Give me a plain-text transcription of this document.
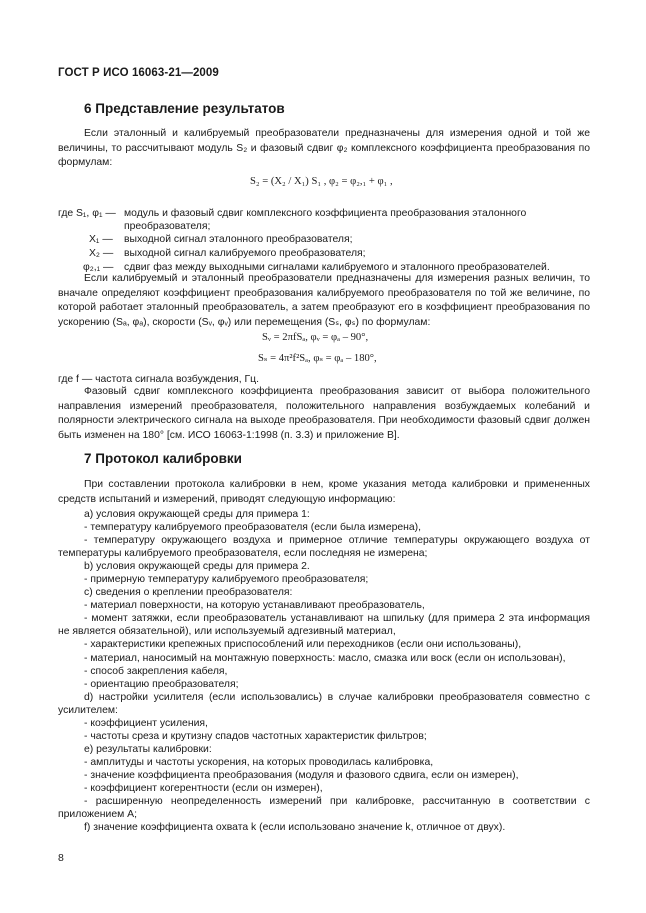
ГОСТ Р ИСО 16063-21—2009
6 Представление результатов
Если эталонный и калибруемый преобразователи предназначены для измерения одной и той же величины, то рассчитывают модуль S₂ и фазовый сдвиг φ₂ комплексного коэффициента преобразования по формулам:
S₂ = (X₂ / X₁) S₁ , φ₂ = φ₂,₁ + φ₁ ,
где S₁, φ₁ — модуль и фазовый сдвиг комплексного коэффициента преобразования эталонного преобразователя;
X₁ — выходной сигнал эталонного преобразователя;
X₂ — выходной сигнал калибруемого преобразователя;
φ₂,₁ — сдвиг фаз между выходными сигналами калибруемого и эталонного преобразователей.
Если калибруемый и эталонный преобразователи предназначены для измерения разных величин, то вначале определяют коэффициент преобразования калибруемого преобразователя по той же величине, по которой работает эталонный преобразователь, а затем преобразуют его в коэффициент преобразования по ускорению (Sₐ, φₐ), скорости (Sᵥ, φᵥ) или перемещения (Sₛ, φₛ) по формулам:
Sᵥ = 2πfSₐ, φᵥ = φₐ – 90°,
Sₛ = 4π²f²Sₐ, φₛ = φₐ – 180°,
где f — частота сигнала возбуждения, Гц.
Фазовый сдвиг комплексного коэффициента преобразования зависит от выбора положительного направления измерений преобразователя, положительного направления возбуждаемых колебаний и полярности электрического сигнала на выходе преобразователя. При необходимости фазовый сдвиг должен быть изменен на 180° [см. ИСО 16063-1:1998 (п. 3.3) и приложение В].
7 Протокол калибровки
При составлении протокола калибровки в нем, кроме указания метода калибровки и примененных средств испытаний и измерений, приводят следующую информацию:
a) условия окружающей среды для примера 1:
- температуру калибруемого преобразователя (если была измерена),
- температуру окружающего воздуха и примерное отличие температуры окружающего воздуха от температуры калибруемого преобразователя, если последняя не измерена;
b) условия окружающей среды для примера 2.
- примерную температуру калибруемого преобразователя;
c) сведения о креплении преобразователя:
- материал поверхности, на которую устанавливают преобразователь,
- момент затяжки, если преобразователь устанавливают на шпильку (для примера 2 эта информация не является обязательной), или используемый адгезивный материал,
- характеристики крепежных приспособлений или переходников (если они использованы),
- материал, наносимый на монтажную поверхность: масло, смазка или воск (если он использован),
- способ закрепления кабеля,
- ориентацию преобразователя;
d) настройки усилителя (если использовались) в случае калибровки преобразователя совместно с усилителем:
- коэффициент усиления,
- частоты среза и крутизну спадов частотных характеристик фильтров;
e) результаты калибровки:
- амплитуды и частоты ускорения, на которых проводилась калибровка,
- значение коэффициента преобразования (модуля и фазового сдвига, если он измерен),
- коэффициент когерентности (если он измерен),
- расширенную неопределенность измерений при калибровке, рассчитанную в соответствии с приложением А;
f) значение коэффициента охвата k (если использовано значение k, отличное от двух).
8
